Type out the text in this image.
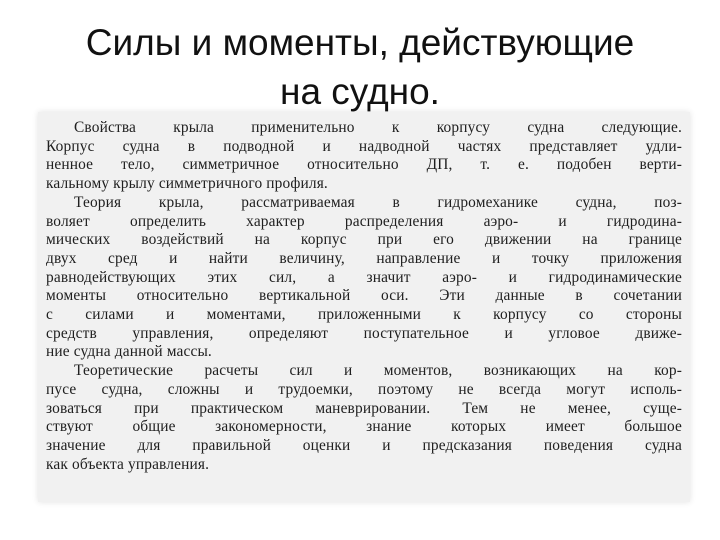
Силы и моменты, действующие
на судно.
Свойства крыла применительно к корпусу судна следующие.
Корпус судна в подводной и надводной частях представляет удли-
ненное тело, симметричное относительно ДП, т. е. подобен верти-
кальному крылу симметричного профиля.
Теория крыла, рассматриваемая в гидромеханике судна, поз-
воляет определить характер распределения аэро- и гидродина-
мических воздействий на корпус при его движении на границе
двух сред и найти величину, направление и точку приложения
равнодействующих этих сил, а значит аэро- и гидродинамические
моменты относительно вертикальной оси. Эти данные в сочетании
с силами и моментами, приложенными к корпусу со стороны
средств управления, определяют поступательное и угловое движе-
ние судна данной массы.
Теоретические расчеты сил и моментов, возникающих на кор-
пусе судна, сложны и трудоемки, поэтому не всегда могут исполь-
зоваться при практическом маневрировании. Тем не менее, суще-
ствуют общие закономерности, знание которых имеет большое
значение для правильной оценки и предсказания поведения судна
как объекта управления.
